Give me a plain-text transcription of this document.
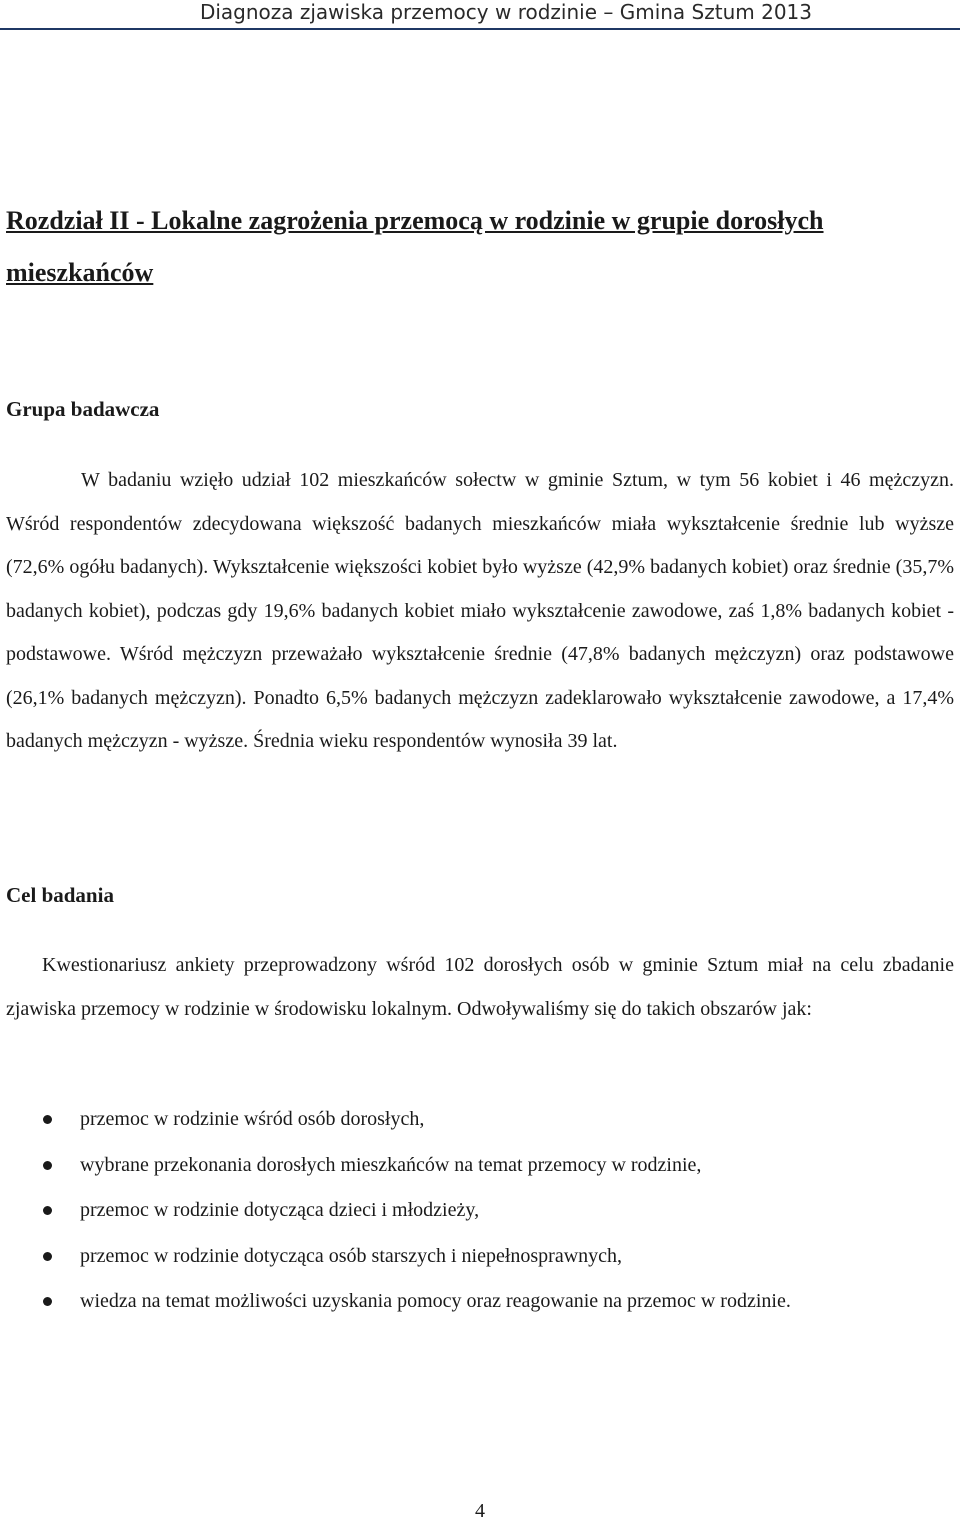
Diagnoza zjawiska przemocy w rodzinie – Gmina Sztum 2013
Rozdział II - Lokalne zagrożenia przemocą w rodzinie w grupie dorosłych mieszkańców
Grupa badawcza

W badaniu wzięło udział 102 mieszkańców sołectw w gminie Sztum, w tym 56 kobiet i 46 mężczyzn. Wśród respondentów zdecydowana większość badanych mieszkańców miała wykształcenie średnie lub wyższe (72,6% ogółu badanych). Wykształcenie większości kobiet było wyższe (42,9% badanych kobiet) oraz średnie (35,7% badanych kobiet), podczas gdy 19,6% badanych kobiet miało wykształcenie zawodowe, zaś 1,8% badanych kobiet - podstawowe. Wśród mężczyzn przeważało wykształcenie średnie (47,8% badanych mężczyzn) oraz podstawowe (26,1% badanych mężczyzn). Ponadto 6,5% badanych mężczyzn zadeklarowało wykształcenie zawodowe, a 17,4% badanych mężczyzn - wyższe. Średnia wieku respondentów wynosiła 39 lat.

Cel badania

Kwestionariusz ankiety przeprowadzony wśród 102 dorosłych osób w gminie Sztum miał na celu zbadanie zjawiska przemocy w rodzinie w środowisku lokalnym. Odwoływaliśmy się do takich obszarów jak:

przemoc w rodzinie wśród osób dorosłych,
wybrane przekonania dorosłych mieszkańców na temat przemocy w rodzinie,
przemoc w rodzinie dotycząca dzieci i młodzieży,
przemoc w rodzinie dotycząca osób starszych i niepełnosprawnych,
wiedza na temat możliwości uzyskania pomocy oraz reagowanie na przemoc w rodzinie.
4
